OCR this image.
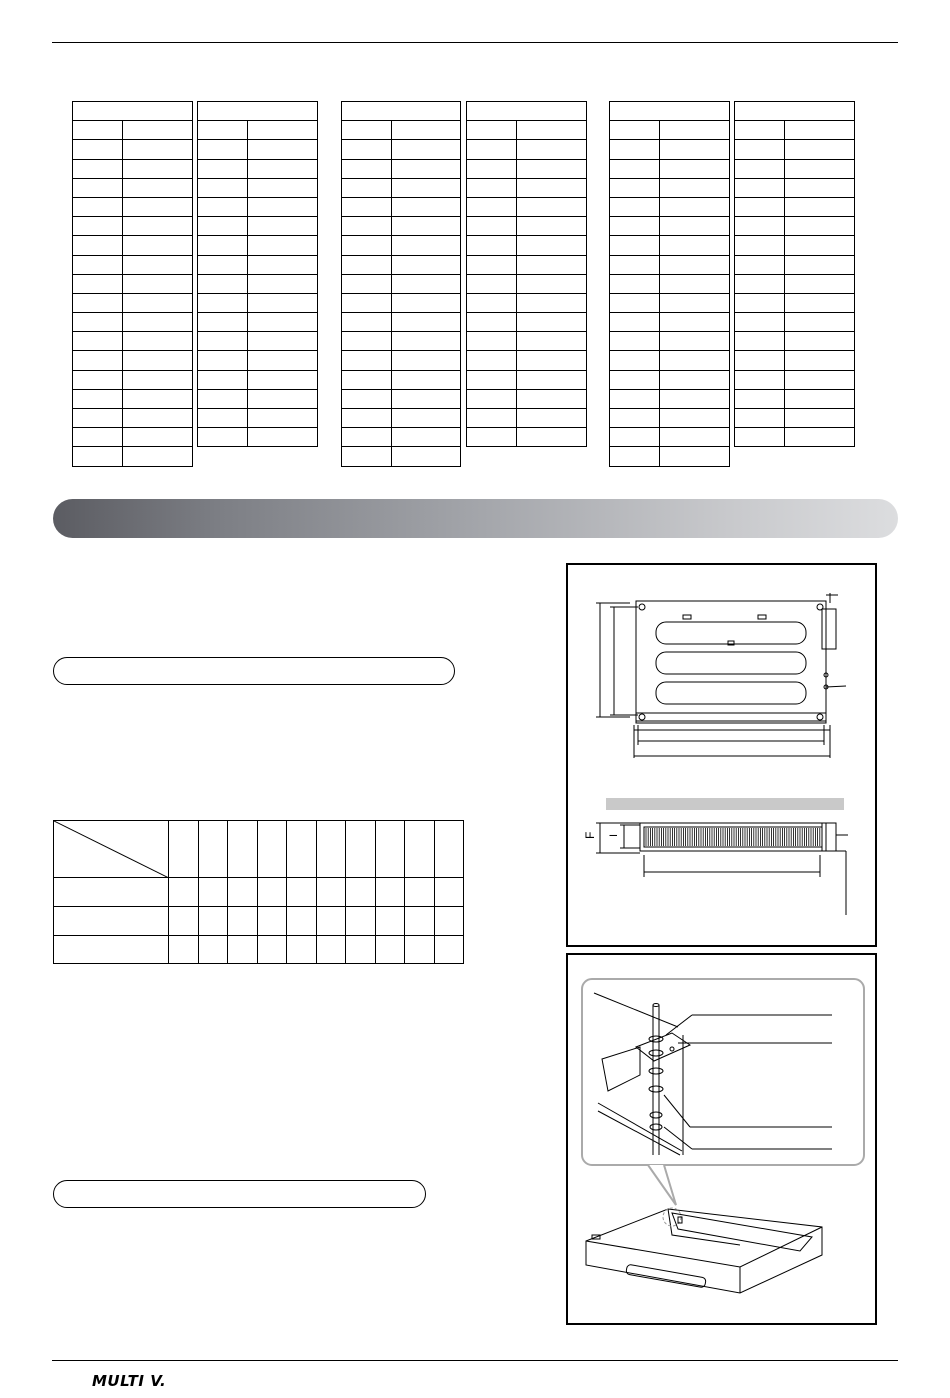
F I
MULTI V.
